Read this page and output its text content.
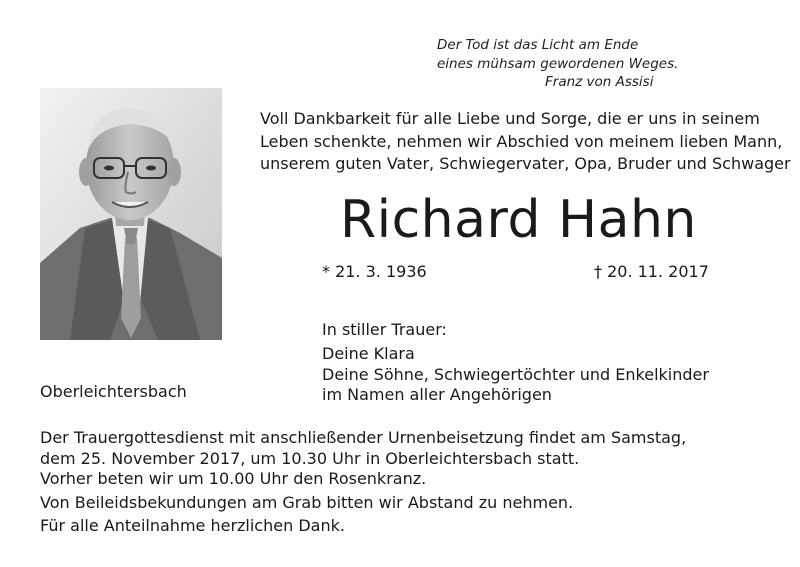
Der Tod ist das Licht am Ende
eines mühsam gewordenen Weges.
Franz von Assisi
Voll Dankbarkeit für alle Liebe und Sorge, die er uns in seinem
Leben schenkte, nehmen wir Abschied von meinem lieben Mann,
unserem guten Vater, Schwiegervater, Opa, Bruder und Schwager
Richard Hahn
* 21. 3. 1936	† 20. 11. 2017
In stiller Trauer:
Deine Klara
Deine Söhne, Schwiegertöchter und Enkelkinder
im Namen aller Angehörigen
Oberleichtersbach
Der Trauergottesdienst mit anschließender Urnenbeisetzung findet am Samstag,
dem 25. November 2017, um 10.30 Uhr in Oberleichtersbach statt.
Vorher beten wir um 10.00 Uhr den Rosenkranz.
Von Beileidsbekundungen am Grab bitten wir Abstand zu nehmen.
Für alle Anteilnahme herzlichen Dank.
